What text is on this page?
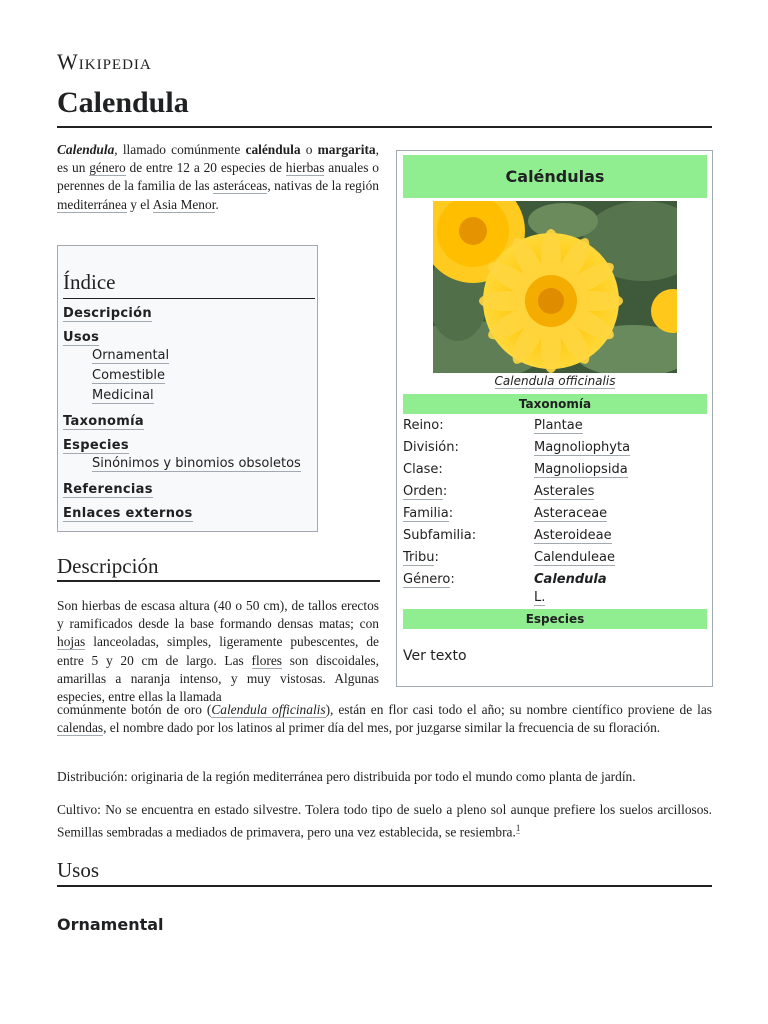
Wikipedia
Calendula
Calendula, llamado comúnmente caléndula o margarita, es un género de entre 12 a 20 especies de hierbas anuales o perennes de la familia de las asteráceas, nativas de la región mediterránea y el Asia Menor.
Índice
Descripción
Usos
Ornamental
Comestible
Medicinal
Taxonomía
Especies
Sinónimos y binomios obsoletos
Referencias
Enlaces externos
Caléndulas
Calendula officinalis
Taxonomía
Reino:	Plantae
División:	Magnoliophyta
Clase:	Magnoliopsida
Orden:	Asterales
Familia:	Asteraceae
Subfamilia:	Asteroideae
Tribu:	Calenduleae
Género:	Calendula
L.
Especies
Ver texto
Descripción
Son hierbas de escasa altura (40 o 50 cm), de tallos erectos y ramificados desde la base formando densas matas; con hojas lanceoladas, simples, ligeramente pubescentes, de entre 5 y 20 cm de largo. Las flores son discoidales, amarillas a naranja intenso, y muy vistosas. Algunas especies, entre ellas la llamada
comúnmente botón de oro (Calendula officinalis), están en flor casi todo el año; su nombre científico proviene de las calendas, el nombre dado por los latinos al primer día del mes, por juzgarse similar la frecuencia de su floración.
Distribución: originaria de la región mediterránea pero distribuida por todo el mundo como planta de jardín.
Cultivo: No se encuentra en estado silvestre. Tolera todo tipo de suelo a pleno sol aunque prefiere los suelos arcillosos. Semillas sembradas a mediados de primavera, pero una vez establecida, se resiembra.$^1$
Usos
Ornamental
